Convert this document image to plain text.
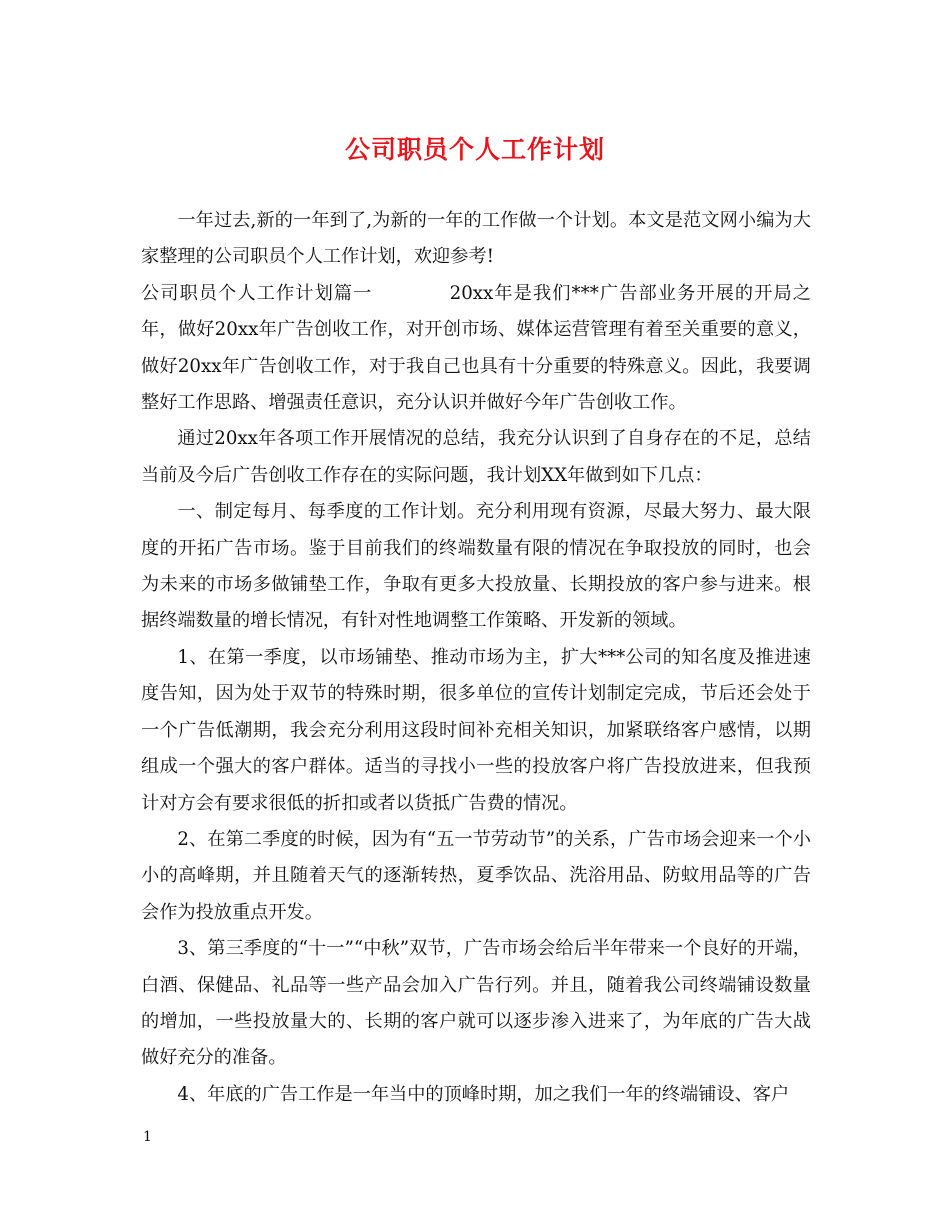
公司职员个人工作计划

一年过去,新的一年到了,为新的一年的工作做一个计划。本文是范文网小编为大家整理的公司职员个人工作计划，欢迎参考!

公司职员个人工作计划篇一　　　　20xx年是我们***广告部业务开展的开局之年，做好20xx年广告创收工作，对开创市场、媒体运营管理有着至关重要的意义，做好20xx年广告创收工作，对于我自己也具有十分重要的特殊意义。因此，我要调整好工作思路、增强责任意识，充分认识并做好今年广告创收工作。

通过20xx年各项工作开展情况的总结，我充分认识到了自身存在的不足，总结当前及今后广告创收工作存在的实际问题，我计划XX年做到如下几点：

一、制定每月、每季度的工作计划。充分利用现有资源，尽最大努力、最大限度的开拓广告市场。鉴于目前我们的终端数量有限的情况在争取投放的同时，也会为未来的市场多做铺垫工作，争取有更多大投放量、长期投放的客户参与进来。根据终端数量的增长情况，有针对性地调整工作策略、开发新的领域。

1、在第一季度，以市场铺垫、推动市场为主，扩大***公司的知名度及推进速度告知，因为处于双节的特殊时期，很多单位的宣传计划制定完成，节后还会处于一个广告低潮期，我会充分利用这段时间补充相关知识，加紧联络客户感情，以期组成一个强大的客户群体。适当的寻找小一些的投放客户将广告投放进来，但我预计对方会有要求很低的折扣或者以货抵广告费的情况。

2、在第二季度的时候，因为有“五一节劳动节”的关系，广告市场会迎来一个小小的高峰期，并且随着天气的逐渐转热，夏季饮品、洗浴用品、防蚊用品等的广告会作为投放重点开发。

3、第三季度的“十一”“中秋”双节，广告市场会给后半年带来一个良好的开端，白酒、保健品、礼品等一些产品会加入广告行列。并且，随着我公司终端铺设数量的增加，一些投放量大的、长期的客户就可以逐步渗入进来了，为年底的广告大战做好充分的准备。

4、年底的广告工作是一年当中的顶峰时期，加之我们一年的终端铺设、客户

1
